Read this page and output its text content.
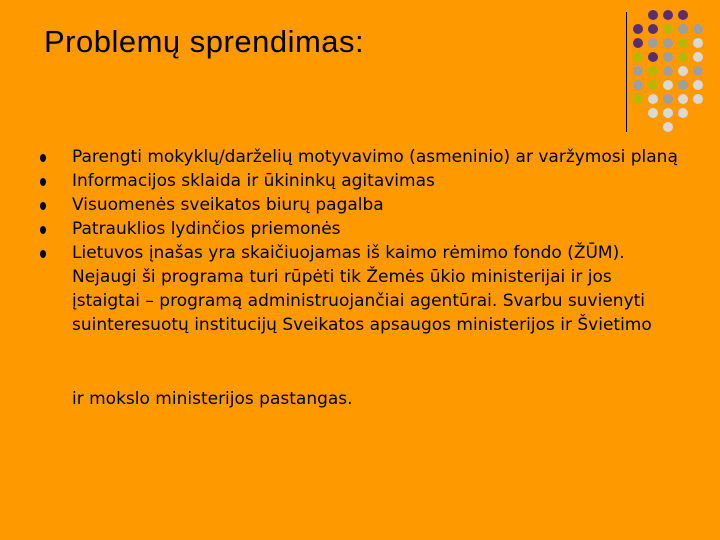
Problemų sprendimas:
Parengti mokyklų/darželių motyvavimo (asmeninio) ar varžymosi planą
Informacijos sklaida ir ūkininkų agitavimas
Visuomenės sveikatos biurų pagalba
Patrauklios lydinčios priemonės
Lietuvos įnašas yra skaičiuojamas iš kaimo rėmimo fondo (ŽŪM). Nejaugi ši programa turi rūpėti tik Žemės ūkio ministerijai ir jos įstaigtai – programą administruojančiai agentūrai. Svarbu suvienyti suinteresuotų institucijų Sveikatos apsaugos ministerijos ir Švietimo
ir mokslo ministerijos pastangas.
